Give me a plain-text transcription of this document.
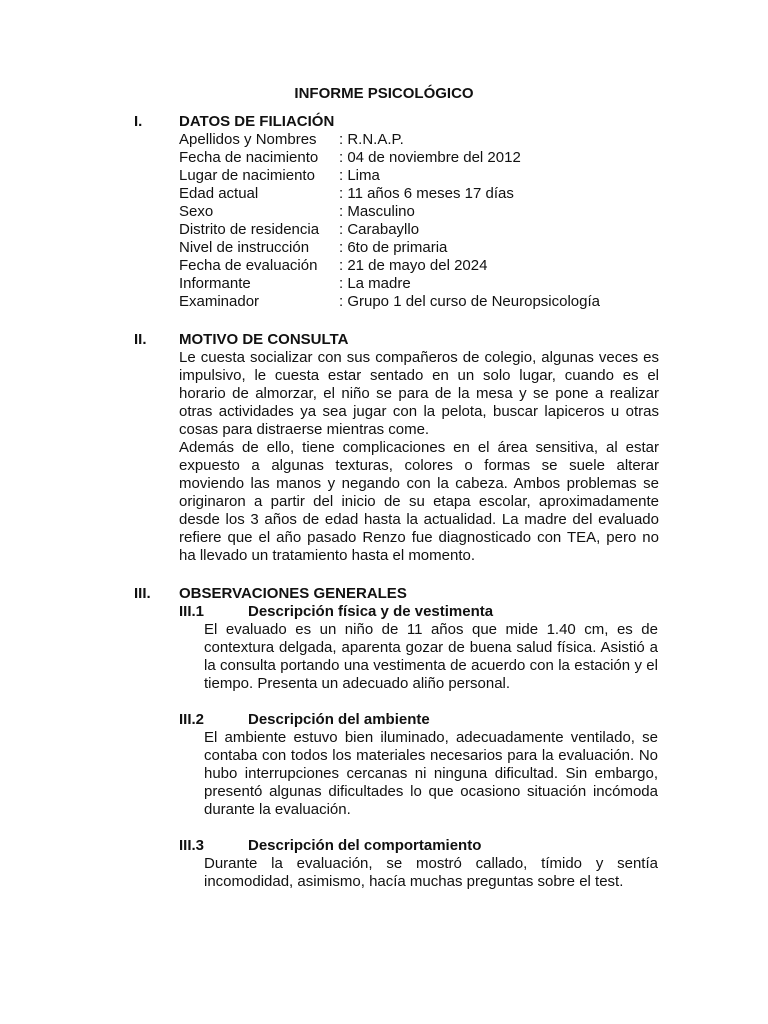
INFORME PSICOLÓGICO
I. DATOS DE FILIACIÓN
Apellidos y Nombres : R.N.A.P.
Fecha de nacimiento : 04 de noviembre del 2012
Lugar de nacimiento : Lima
Edad actual	: 11 años 6 meses 17 días
Sexo	: Masculino
Distrito de residencia : Carabayllo
Nivel de instrucción : 6to de primaria
Fecha de evaluación : 21 de mayo del 2024
Informante	: La madre
Examinador	: Grupo 1 del curso de Neuropsicología
II. MOTIVO DE CONSULTA

Le cuesta socializar con sus compañeros de colegio, algunas veces es impulsivo, le cuesta estar sentado en un solo lugar, cuando es el horario de almorzar, el niño se para de la mesa y se pone a realizar otras actividades ya sea jugar con la pelota, buscar lapiceros u otras cosas para distraerse mientras come.

Además de ello, tiene complicaciones en el área sensitiva, al estar expuesto a algunas texturas, colores o formas se suele alterar moviendo las manos y negando con la cabeza. Ambos problemas se originaron a partir del inicio de su etapa escolar, aproximadamente desde los 3 años de edad hasta la actualidad. La madre del evaluado refiere que el año pasado Renzo fue diagnosticado con TEA, pero no ha llevado un tratamiento hasta el momento.

III. OBSERVACIONES GENERALES
III.1	Descripción física y de vestimenta
El evaluado es un niño de 11 años que mide 1.40 cm, es de contextura delgada, aparenta gozar de buena salud física. Asistió a la consulta portando una vestimenta de acuerdo con la estación y el tiempo. Presenta un adecuado aliño personal.
III.2	Descripción del ambiente
El ambiente estuvo bien iluminado, adecuadamente ventilado, se contaba con todos los materiales necesarios para la evaluación. No hubo interrupciones cercanas ni ninguna dificultad. Sin embargo, presentó algunas dificultades lo que ocasiono situación incómoda durante la evaluación.
III.3	Descripción del comportamiento
Durante la evaluación, se mostró callado, tímido y sentía incomodidad, asimismo, hacía muchas preguntas sobre el test.
